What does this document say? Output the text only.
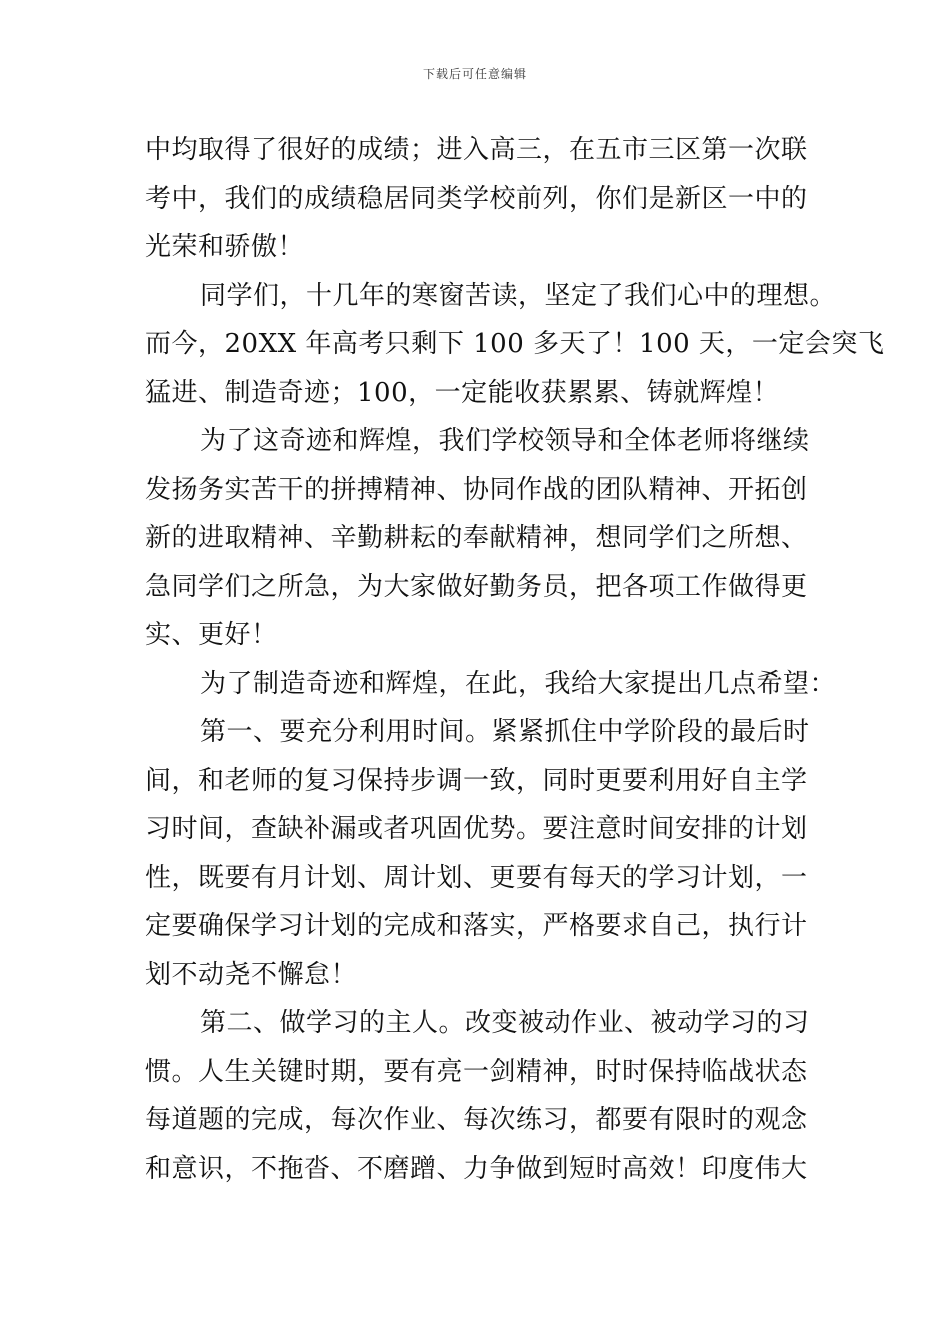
下载后可任意编辑
中均取得了很好的成绩；进入高三，在五市三区第一次联
考中，我们的成绩稳居同类学校前列，你们是新区一中的
光荣和骄傲！
同学们，十几年的寒窗苦读，坚定了我们心中的理想。
而今，20XX 年高考只剩下 100 多天了！100 天，一定会突飞
猛进、制造奇迹；100，一定能收获累累、铸就辉煌！
为了这奇迹和辉煌，我们学校领导和全体老师将继续
发扬务实苦干的拼搏精神、协同作战的团队精神、开拓创
新的进取精神、辛勤耕耘的奉献精神，想同学们之所想、
急同学们之所急，为大家做好勤务员，把各项工作做得更
实、更好！
为了制造奇迹和辉煌，在此，我给大家提出几点希望：
第一、要充分利用时间。紧紧抓住中学阶段的最后时
间，和老师的复习保持步调一致，同时更要利用好自主学
习时间，查缺补漏或者巩固优势。要注意时间安排的计划
性，既要有月计划、周计划、更要有每天的学习计划，一
定要确保学习计划的完成和落实，严格要求自己，执行计
划不动尧不懈怠！
第二、做学习的主人。改变被动作业、被动学习的习
惯。人生关键时期，要有亮一剑精神，时时保持临战状态
每道题的完成，每次作业、每次练习，都要有限时的观念
和意识，不拖沓、不磨蹭、力争做到短时高效！印度伟大
